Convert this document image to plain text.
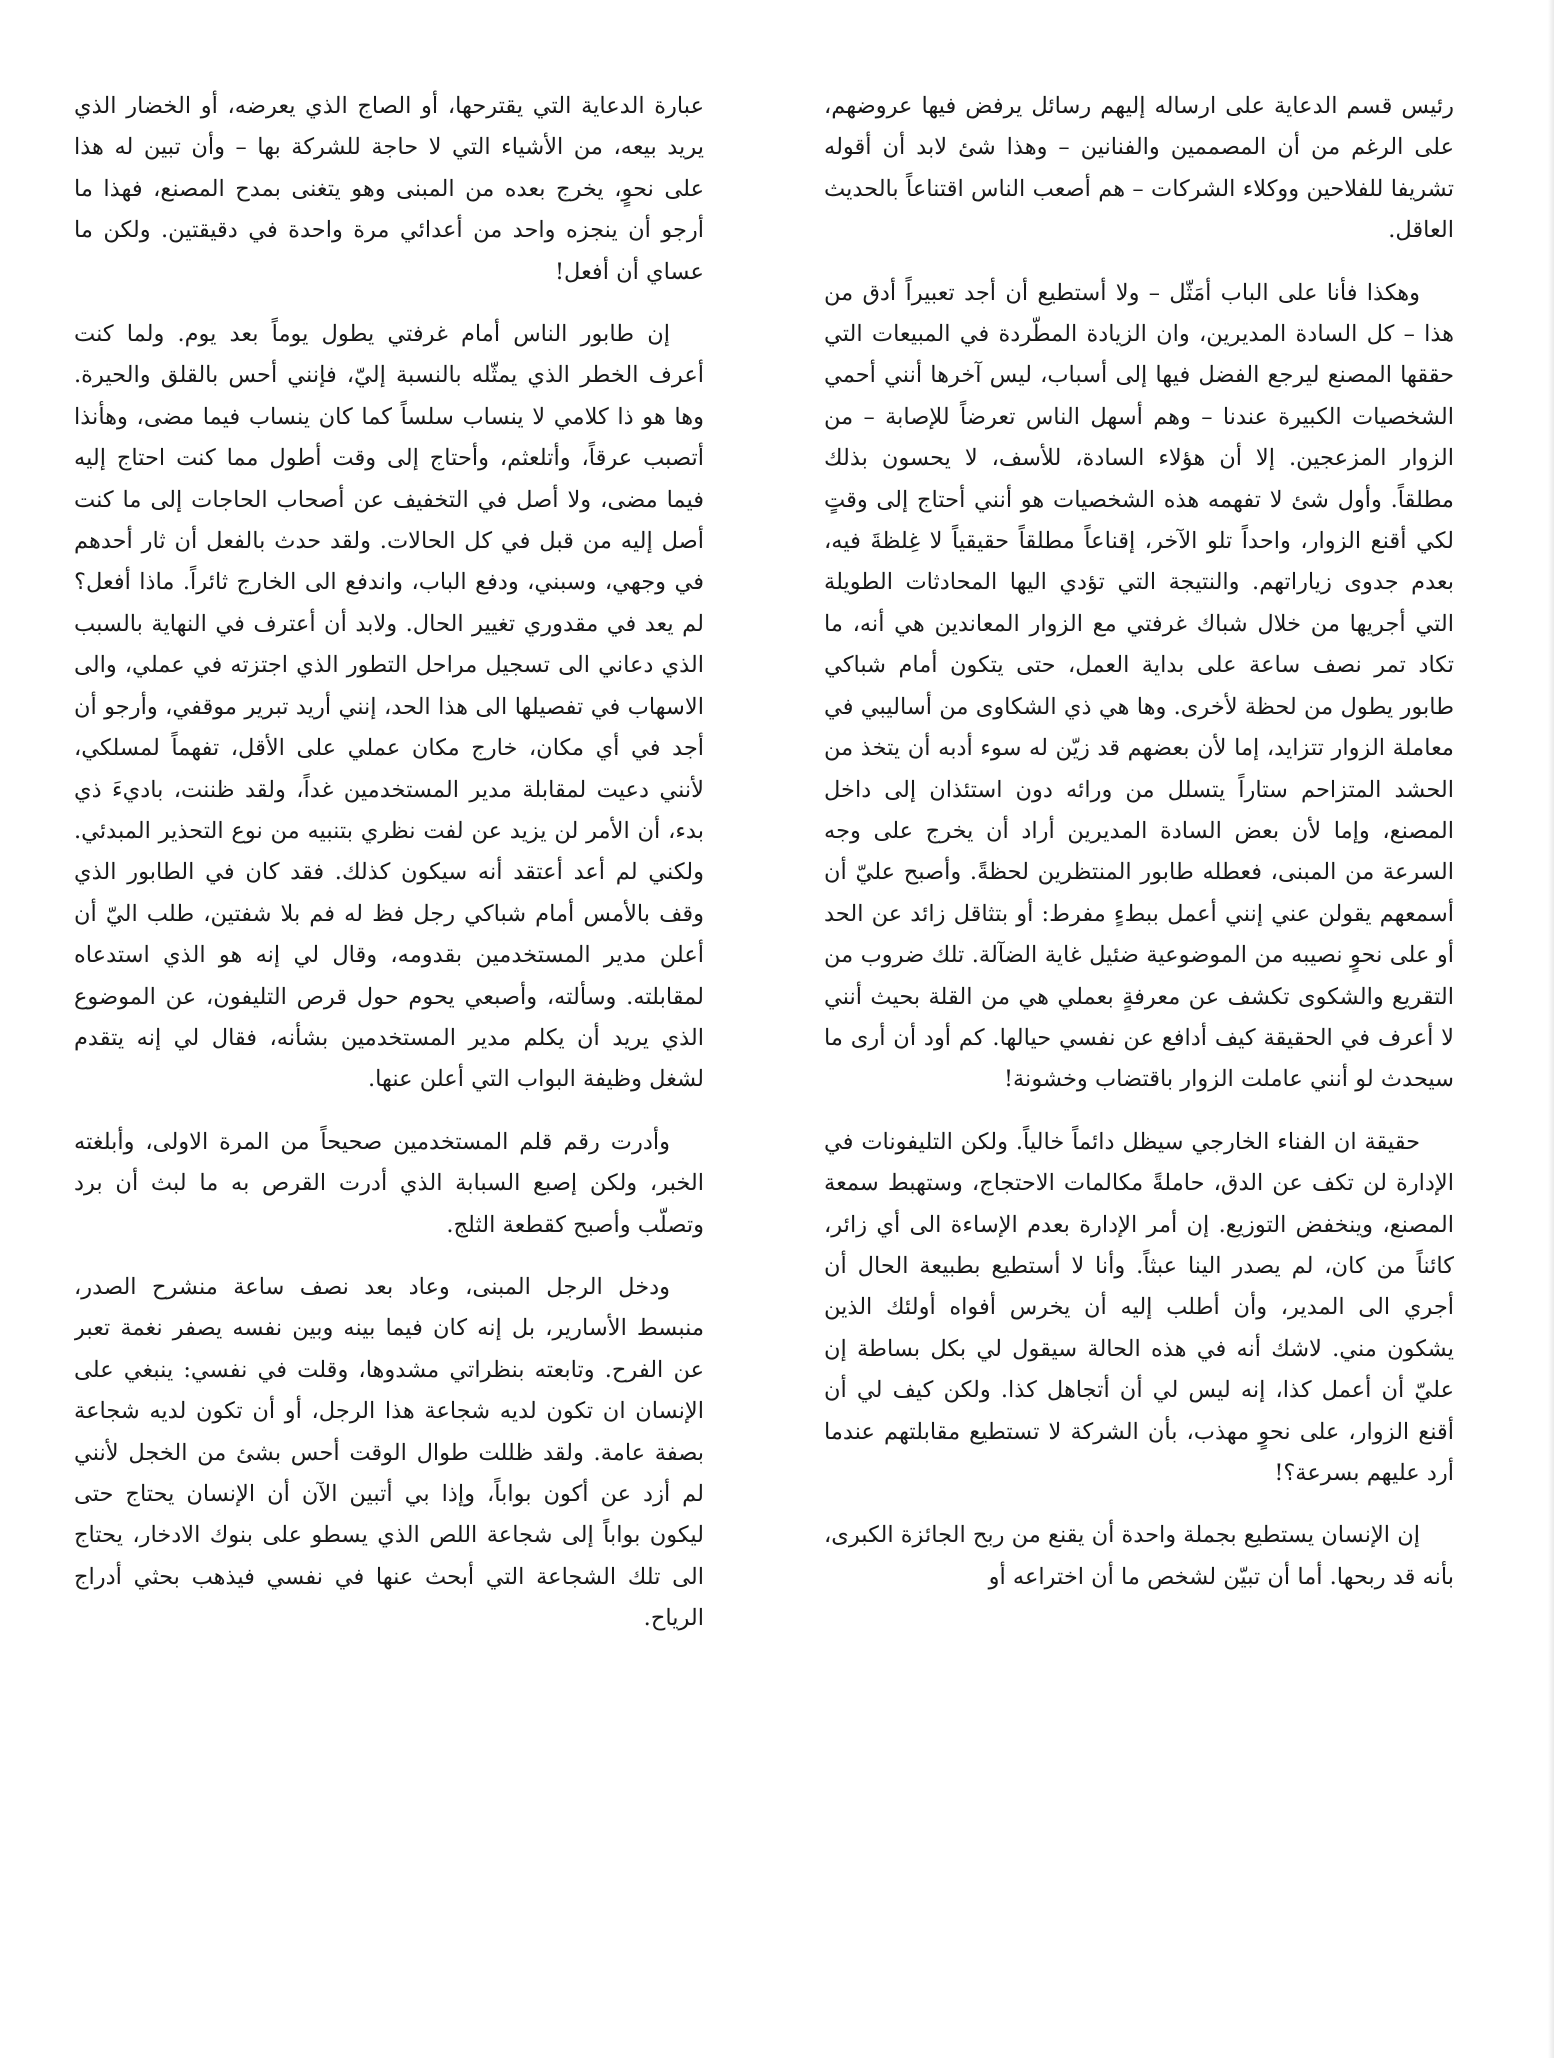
رئيس قسم الدعاية على ارساله إليهم رسائل يرفض فيها عروضهم، على الرغم من أن المصممين والفنانين – وهذا شئ لابد أن أقوله تشريفا للفلاحين ووكلاء الشركات – هم أصعب الناس اقتناعاً بالحديث العاقل.

وهكذا فأنا على الباب أمَثّل – ولا أستطيع أن أجد تعبيراً أدق من هذا – كل السادة المديرين، وان الزيادة المطّردة في المبيعات التي حققها المصنع ليرجع الفضل فيها إلى أسباب، ليس آخرها أنني أحمي الشخصيات الكبيرة عندنا – وهم أسهل الناس تعرضاً للإصابة – من الزوار المزعجين. إلا أن هؤلاء السادة، للأسف، لا يحسون بذلك مطلقاً. وأول شئ لا تفهمه هذه الشخصيات هو أنني أحتاج إلى وقتٍ لكي أقنع الزوار، واحداً تلو الآخر، إقناعاً مطلقاً حقيقياً لا غِلظةَ فيه، بعدم جدوى زياراتهم. والنتيجة التي تؤدي اليها المحادثات الطويلة التي أجريها من خلال شباك غرفتي مع الزوار المعاندين هي أنه، ما تكاد تمر نصف ساعة على بداية العمل، حتى يتكون أمام شباكي طابور يطول من لحظة لأخرى. وها هي ذي الشكاوى من أساليبي في معاملة الزوار تتزايد، إما لأن بعضهم قد زيّن له سوء أدبه أن يتخذ من الحشد المتزاحم ستاراً يتسلل من ورائه دون استئذان إلى داخل المصنع، وإما لأن بعض السادة المديرين أراد أن يخرج على وجه السرعة من المبنى، فعطله طابور المنتظرين لحظةً. وأصبح عليّ أن أسمعهم يقولن عني إنني أعمل ببطءٍ مفرط: أو بتثاقل زائد عن الحد أو على نحوٍ نصيبه من الموضوعية ضئيل غاية الضآلة. تلك ضروب من التقريع والشكوى تكشف عن معرفةٍ بعملي هي من القلة بحيث أنني لا أعرف في الحقيقة كيف أدافع عن نفسي حيالها. كم أود أن أرى ما سيحدث لو أنني عاملت الزوار باقتضاب وخشونة!

حقيقة ان الفناء الخارجي سيظل دائماً خالياً. ولكن التليفونات في الإدارة لن تكف عن الدق، حاملةً مكالمات الاحتجاج، وستهبط سمعة المصنع، وينخفض التوزيع. إن أمر الإدارة بعدم الإساءة الى أي زائر، كائناً من كان، لم يصدر الينا عبثاً. وأنا لا أستطيع بطبيعة الحال أن أجري الى المدير، وأن أطلب إليه أن يخرس أفواه أولئك الذين يشكون مني. لاشك أنه في هذه الحالة سيقول لي بكل بساطة إن عليّ أن أعمل كذا، إنه ليس لي أن أتجاهل كذا. ولكن كيف لي أن أقنع الزوار، على نحوٍ مهذب، بأن الشركة لا تستطيع مقابلتهم عندما أرد عليهم بسرعة؟!

إن الإنسان يستطيع بجملة واحدة أن يقنع من ربح الجائزة الكبرى، بأنه قد ربحها. أما أن تبيّن لشخص ما أن اختراعه أو

عبارة الدعاية التي يقترحها، أو الصاج الذي يعرضه، أو الخضار الذي يريد بيعه، من الأشياء التي لا حاجة للشركة بها – وأن تبين له هذا على نحوٍ، يخرج بعده من المبنى وهو يتغنى بمدح المصنع، فهذا ما أرجو أن ينجزه واحد من أعدائي مرة واحدة في دقيقتين. ولكن ما عساي أن أفعل!

إن طابور الناس أمام غرفتي يطول يوماً بعد يوم. ولما كنت أعرف الخطر الذي يمثّله بالنسبة إليّ، فإنني أحس بالقلق والحيرة. وها هو ذا كلامي لا ينساب سلساً كما كان ينساب فيما مضى، وهأنذا أتصبب عرقاً، وأتلعثم، وأحتاج إلى وقت أطول مما كنت احتاج إليه فيما مضى، ولا أصل في التخفيف عن أصحاب الحاجات إلى ما كنت أصل إليه من قبل في كل الحالات. ولقد حدث بالفعل أن ثار أحدهم في وجهي، وسبني، ودفع الباب، واندفع الى الخارج ثائراً. ماذا أفعل؟ لم يعد في مقدوري تغيير الحال. ولابد أن أعترف في النهاية بالسبب الذي دعاني الى تسجيل مراحل التطور الذي اجتزته في عملي، والى الاسهاب في تفصيلها الى هذا الحد، إنني أريد تبرير موقفي، وأرجو أن أجد في أي مكان، خارج مكان عملي على الأقل، تفهماً لمسلكي، لأنني دعيت لمقابلة مدير المستخدمين غداً، ولقد ظننت، باديءَ ذي بدء، أن الأمر لن يزيد عن لفت نظري بتنبيه من نوع التحذير المبدئي. ولكني لم أعد أعتقد أنه سيكون كذلك. فقد كان في الطابور الذي وقف بالأمس أمام شباكي رجل فظ له فم بلا شفتين، طلب اليّ أن أعلن مدير المستخدمين بقدومه، وقال لي إنه هو الذي استدعاه لمقابلته. وسألته، وأصبعي يحوم حول قرص التليفون، عن الموضوع الذي يريد أن يكلم مدير المستخدمين بشأنه، فقال لي إنه يتقدم لشغل وظيفة البواب التي أعلن عنها.

وأدرت رقم قلم المستخدمين صحيحاً من المرة الاولى، وأبلغته الخبر، ولكن إصبع السبابة الذي أدرت القرص به ما لبث أن برد وتصلّب وأصبح كقطعة الثلج.

ودخل الرجل المبنى، وعاد بعد نصف ساعة منشرح الصدر، منبسط الأسارير، بل إنه كان فيما بينه وبين نفسه يصفر نغمة تعبر عن الفرح. وتابعته بنظراتي مشدوها، وقلت في نفسي: ينبغي على الإنسان ان تكون لديه شجاعة هذا الرجل، أو أن تكون لديه شجاعة بصفة عامة. ولقد ظللت طوال الوقت أحس بشئ من الخجل لأنني لم أزد عن أكون بواباً، وإذا بي أتبين الآن أن الإنسان يحتاج حتى ليكون بواباً إلى شجاعة اللص الذي يسطو على بنوك الادخار، يحتاج الى تلك الشجاعة التي أبحث عنها في نفسي فيذهب بحثي أدراج الرياح.
